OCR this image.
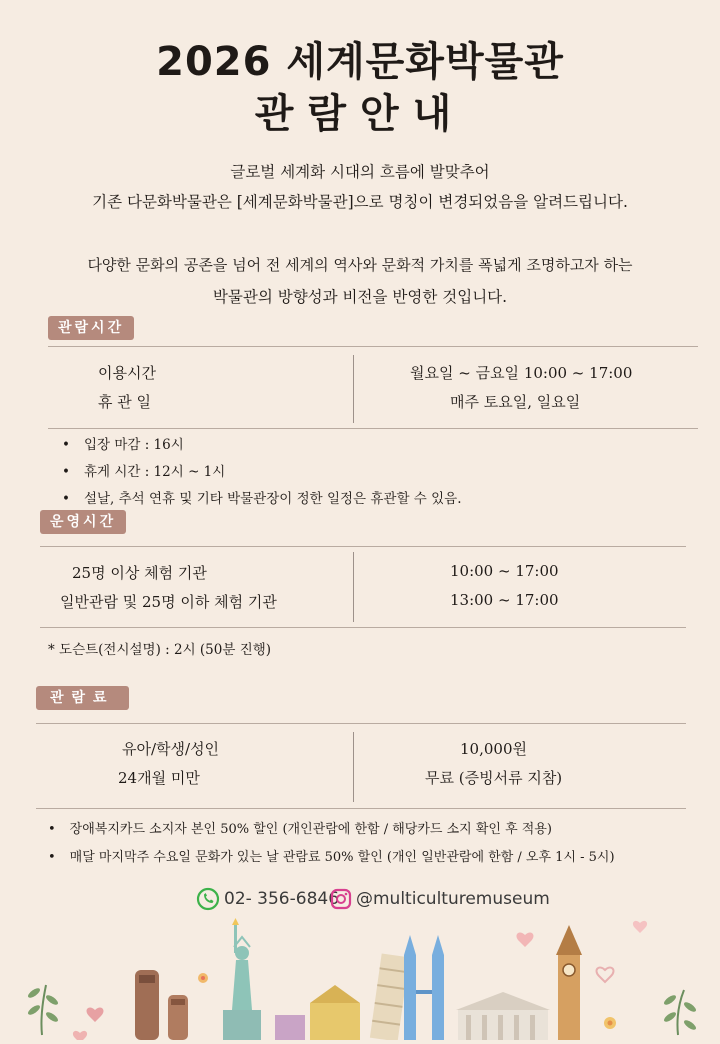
2026 세계문화박물관
관람안내
글로벌 세계화 시대의 흐름에 발맞추어
기존 다문화박물관은 [세계문화박물관]으로 명칭이 변경되었음을 알려드립니다.
다양한 문화의 공존을 넘어 전 세계의 역사와 문화적 가치를 폭넓게 조명하고자 하는
박물관의 방향성과 비전을 반영한 것입니다.
관람시간
이용시간	월요일 ~ 금요일 10:00 ~ 17:00
휴 관 일	매주 토요일, 일요일
• 입장 마감 : 16시
• 휴게 시간 : 12시 ~ 1시
• 설날, 추석 연휴 및 기타 박물관장이 정한 일정은 휴관할 수 있음.
운영시간
25명 이상 체험 기관	10:00 ~ 17:00
일반관람 및 25명 이하 체험 기관	13:00 ~ 17:00
* 도슨트(전시설명) : 2시 (50분 진행)
관람료
유아/학생/성인	10,000원
24개월 미만	무료 (증빙서류 지참)
• 장애복지카드 소지자 본인 50% 할인 (개인관람에 한함 / 해당카드 소지 확인 후 적용)
• 매달 마지막주 수요일 문화가 있는 날 관람료 50% 할인 (개인 일반관람에 한함 / 오후 1시 - 5시)
02- 356-6846 @multiculturemuseum
